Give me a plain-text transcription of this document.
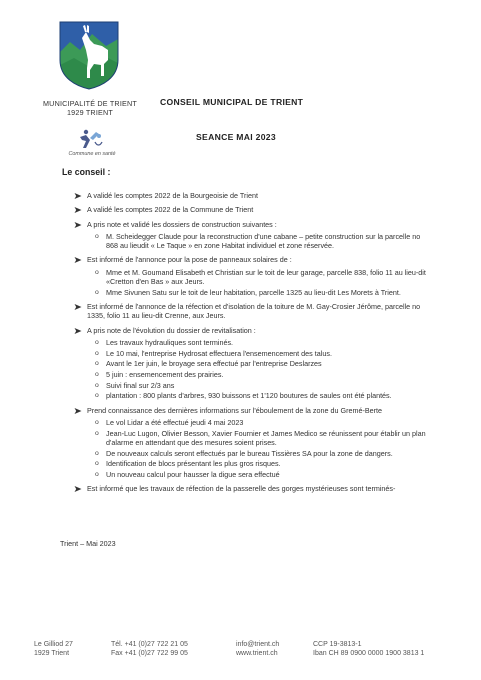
MUNICIPALITÉ DE TRIENT
1929 TRIENT
Commune en santé
CONSEIL MUNICIPAL DE TRIENT
SEANCE MAI 2023
Le conseil :
A validé les comptes 2022 de la Bourgeoisie de Trient
A validé les comptes 2022 de la Commune de Trient
A pris note et validé les dossiers de construction suivantes :
o M. Scheidegger Claude pour la reconstruction d'une cabane – petite construction sur la parcelle no 868 au lieudit « Le Taque » en zone Habitat individuel et zone réservée.
Est informé de l'annonce pour la pose de panneaux solaires de :
o Mme et M. Goumand Elisabeth et Christian sur le toit de leur garage, parcelle 838, folio 11 au lieu-dit «Cretton d'en Bas » aux Jeurs.
o Mme Sivunen Satu sur le toit de leur habitation, parcelle 1325 au lieu-dit Les Morets à Trient.
Est informé de l'annonce de la réfection et d'isolation de la toiture de M. Gay-Crosier Jérôme, parcelle no 1335, folio 11 au lieu-dit Crenne, aux Jeurs.
A pris note de l'évolution du dossier de revitalisation :
o Les travaux hydrauliques sont terminés.
o Le 10 mai, l'entreprise Hydrosat effectuera l'ensemencement des talus.
o Avant le 1er juin, le broyage sera effectué par l'entreprise Deslarzes
o 5 juin : ensemencement des prairies.
o Suivi final sur 2/3 ans
o plantation : 800 plants d'arbres, 930 buissons et 1'120 boutures de saules ont été plantés.
Prend connaissance des dernières informations sur l'éboulement de la zone du Gremé-Berte
o Le vol Lidar a été effectué jeudi 4 mai 2023
o Jean-Luc Lugon, Olivier Besson, Xavier Fournier et James Medico se réunissent pour établir un plan d'alarme en attendant que des mesures soient prises.
o De nouveaux calculs seront effectués par le bureau Tissières SA pour la zone de dangers.
o Identification de blocs présentant les plus gros risques.
o Un nouveau calcul pour hausser la digue sera effectué
Est informé que les travaux de réfection de la passerelle des gorges mystérieuses sont terminés-
Trient – Mai 2023
Le Gilliod 27
1929 Trient
Tél. +41 (0)27 722 21 05
Fax +41 (0)27 722 99 05
info@trient.ch
www.trient.ch
CCP 19-3813-1
Iban CH 89 0900 0000 1900 3813 1
